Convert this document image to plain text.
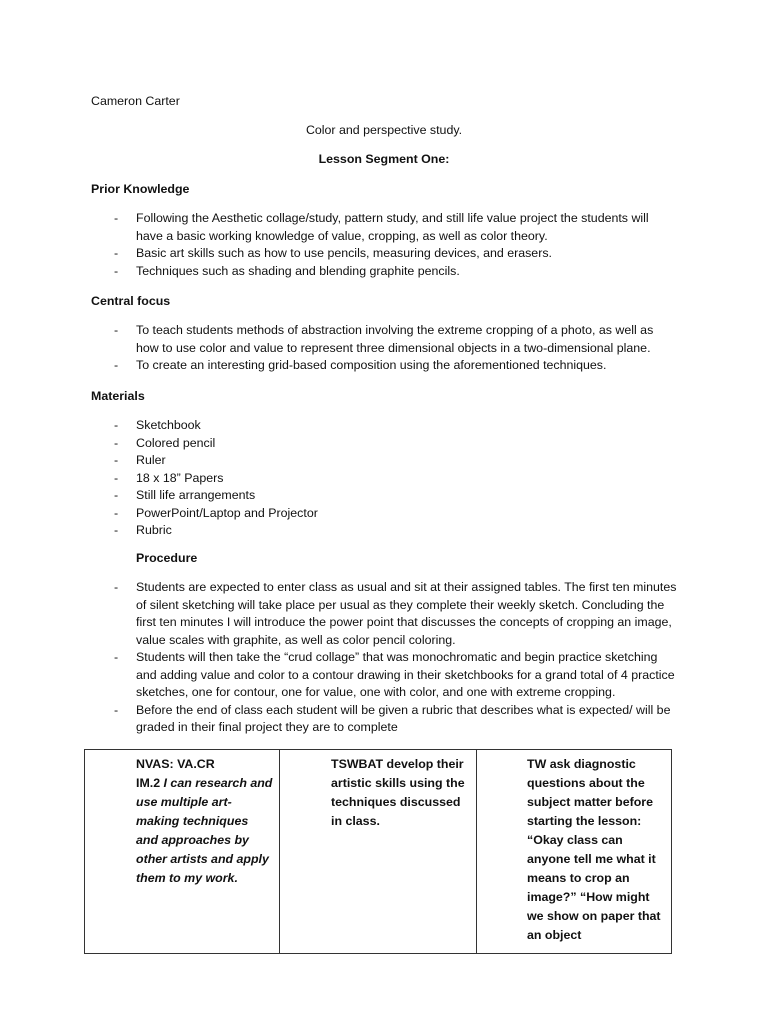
Cameron Carter
Color and perspective study.
Lesson Segment One:
Prior Knowledge
- Following the Aesthetic collage/study, pattern study, and still life value project the students will have a basic working knowledge of value, cropping, as well as color theory.
- Basic art skills such as how to use pencils, measuring devices, and erasers.
- Techniques such as shading and blending graphite pencils.
Central focus
- To teach students methods of abstraction involving the extreme cropping of a photo, as well as how to use color and value to represent three dimensional objects in a two-dimensional plane.
- To create an interesting grid-based composition using the aforementioned techniques.
Materials
- Sketchbook
- Colored pencil
- Ruler
- 18 x 18” Papers
- Still life arrangements
- PowerPoint/Laptop and Projector
- Rubric
Procedure
- Students are expected to enter class as usual and sit at their assigned tables. The first ten minutes of silent sketching will take place per usual as they complete their weekly sketch. Concluding the first ten minutes I will introduce the power point that discusses the concepts of cropping an image, value scales with graphite, as well as color pencil coloring.
- Students will then take the “crud collage” that was monochromatic and begin practice sketching and adding value and color to a contour drawing in their sketchbooks for a grand total of 4 practice sketches, one for contour, one for value, one with color, and one with extreme cropping.
- Before the end of class each student will be given a rubric that describes what is expected/ will be graded in their final project they are to complete
NVAS: VA.CR
IM.2 I can research and use multiple art-making techniques and approaches by other artists and apply them to my work.
	TSWBAT develop their artistic skills using the techniques discussed in class.	TW ask diagnostic questions about the subject matter before starting the lesson: “Okay class can anyone tell me what it means to crop an image?” “How might we show on paper that an object
